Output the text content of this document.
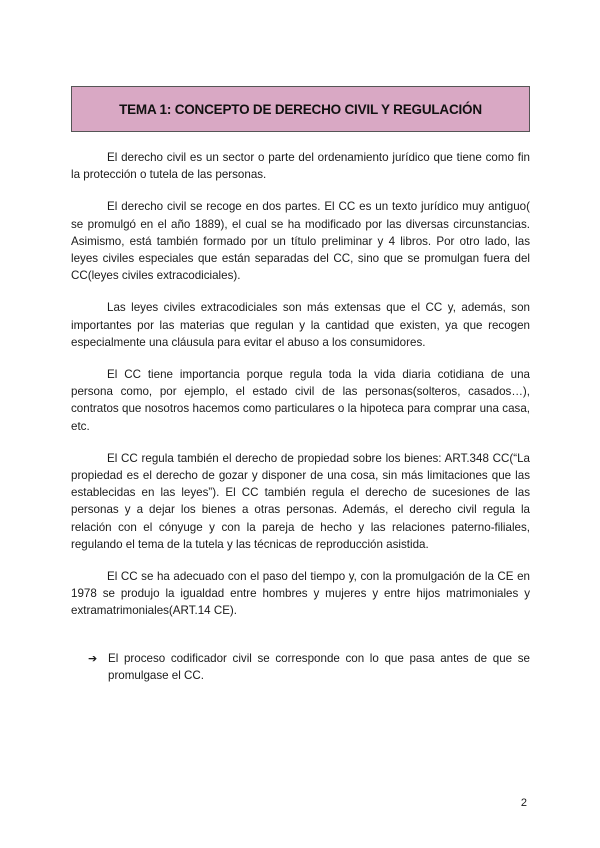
TEMA 1: CONCEPTO DE DERECHO CIVIL Y REGULACIÓN

El derecho civil es un sector o parte del ordenamiento jurídico que tiene como fin la protección o tutela de las personas.

El derecho civil se recoge en dos partes. El CC es un texto jurídico muy antiguo( se promulgó en el año 1889), el cual se ha modificado por las diversas circunstancias. Asimismo, está también formado por un título preliminar y 4 libros. Por otro lado, las leyes civiles especiales que están separadas del CC, sino que se promulgan fuera del CC(leyes civiles extracodiciales).

Las leyes civiles extracodiciales son más extensas que el CC y, además, son importantes por las materias que regulan y la cantidad que existen, ya que recogen especialmente una cláusula para evitar el abuso a los consumidores.

El CC tiene importancia porque regula toda la vida diaria cotidiana de una persona como, por ejemplo, el estado civil de las personas(solteros, casados…), contratos que nosotros hacemos como particulares o la hipoteca para comprar una casa, etc.

El CC regula también el derecho de propiedad sobre los bienes: ART.348 CC(“La propiedad es el derecho de gozar y disponer de una cosa, sin más limitaciones que las establecidas en las leyes”). El CC también regula el derecho de sucesiones de las personas y a dejar los bienes a otras personas. Además, el derecho civil regula la relación con el cónyuge y con la pareja de hecho y las relaciones paterno-filiales, regulando el tema de la tutela y las técnicas de reproducción asistida.

El CC se ha adecuado con el paso del tiempo y, con la promulgación de la CE en 1978 se produjo la igualdad entre hombres y mujeres y entre hijos matrimoniales y extramatrimoniales(ART.14 CE).

➔ El proceso codificador civil se corresponde con lo que pasa antes de que se promulgase el CC.
2
